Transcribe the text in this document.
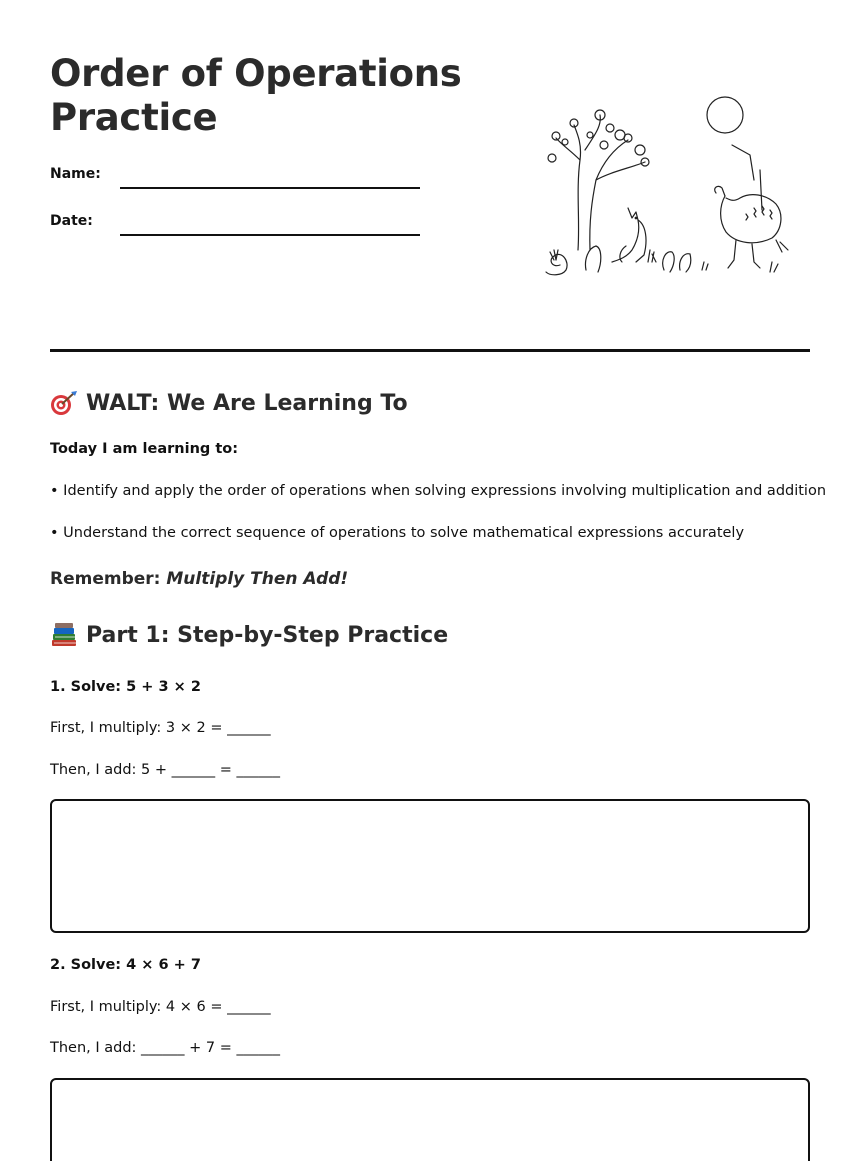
Order of Operations Practice
Name:
Date:
WALT: We Are Learning To
Today I am learning to:
• Identify and apply the order of operations when solving expressions involving multiplication and addition
• Understand the correct sequence of operations to solve mathematical expressions accurately
Remember: Multiply Then Add!
Part 1: Step-by-Step Practice
1. Solve: 5 + 3 × 2
First, I multiply: 3 × 2 = ______
Then, I add: 5 + ______ = ______
2. Solve: 4 × 6 + 7
First, I multiply: 4 × 6 = ______
Then, I add: ______ + 7 = ______
